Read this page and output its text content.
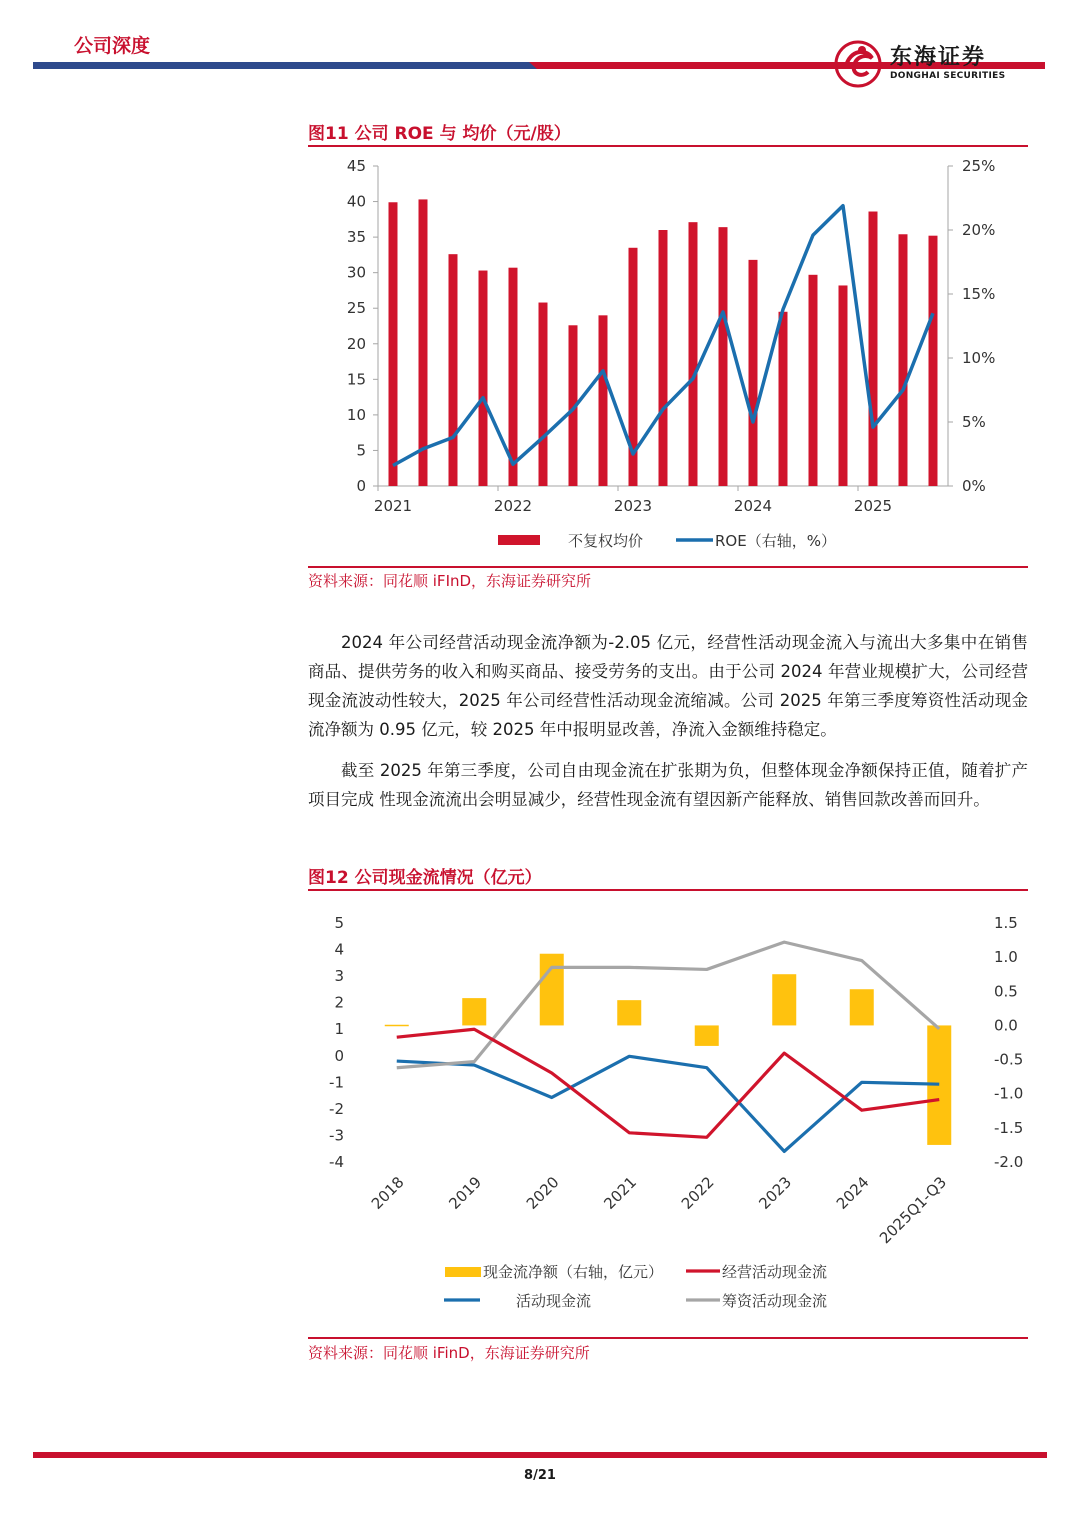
公司深度	东海证券
DONGHAI SECURITIES
图11 公司 ROE 与 均价（元/股）
0
5
10
15
20
25
30
35
40
45
0%
5%
10%
15%
20%
25%
2021	2022	2023	2024	2025
不复权均价	ROE（右轴，%）
资料来源：同花顺 iFInD，东海证券研究所

2024 年公司经营活动现金流净额为-2.05 亿元，经营性活动现金流入与流出大多集中在销售商品、提供劳务的收入和购买商品、接受劳务的支出。由于公司 2024 年营业规模扩大，公司经营现金流波动性较大，2025 年公司经营性活动现金流缩减。公司 2025 年第三季度筹资性活动现金流净额为 0.95 亿元，较 2025 年中报明显改善，净流入金额维持稳定。

截至 2025 年第三季度，公司自由现金流在扩张期为负，但整体现金净额保持正值，随着扩产项目完成 性现金流流出会明显减少，经营性现金流有望因新产能释放、销售回款改善而回升。

图12 公司现金流情况（亿元）
-4
-3
-2
-1
0
1
2
3
4
5
-2.0
-1.5
-1.0
-0.5
0.0
0.5
1.0
1.5
2018	2019	2020	2021	2022	2023	2024 2025Q1-Q3
现金流净额（右轴，亿元）	经营活动现金流
活动现金流	筹资活动现金流
资料来源：同花顺 iFinD，东海证券研究所
8/21
